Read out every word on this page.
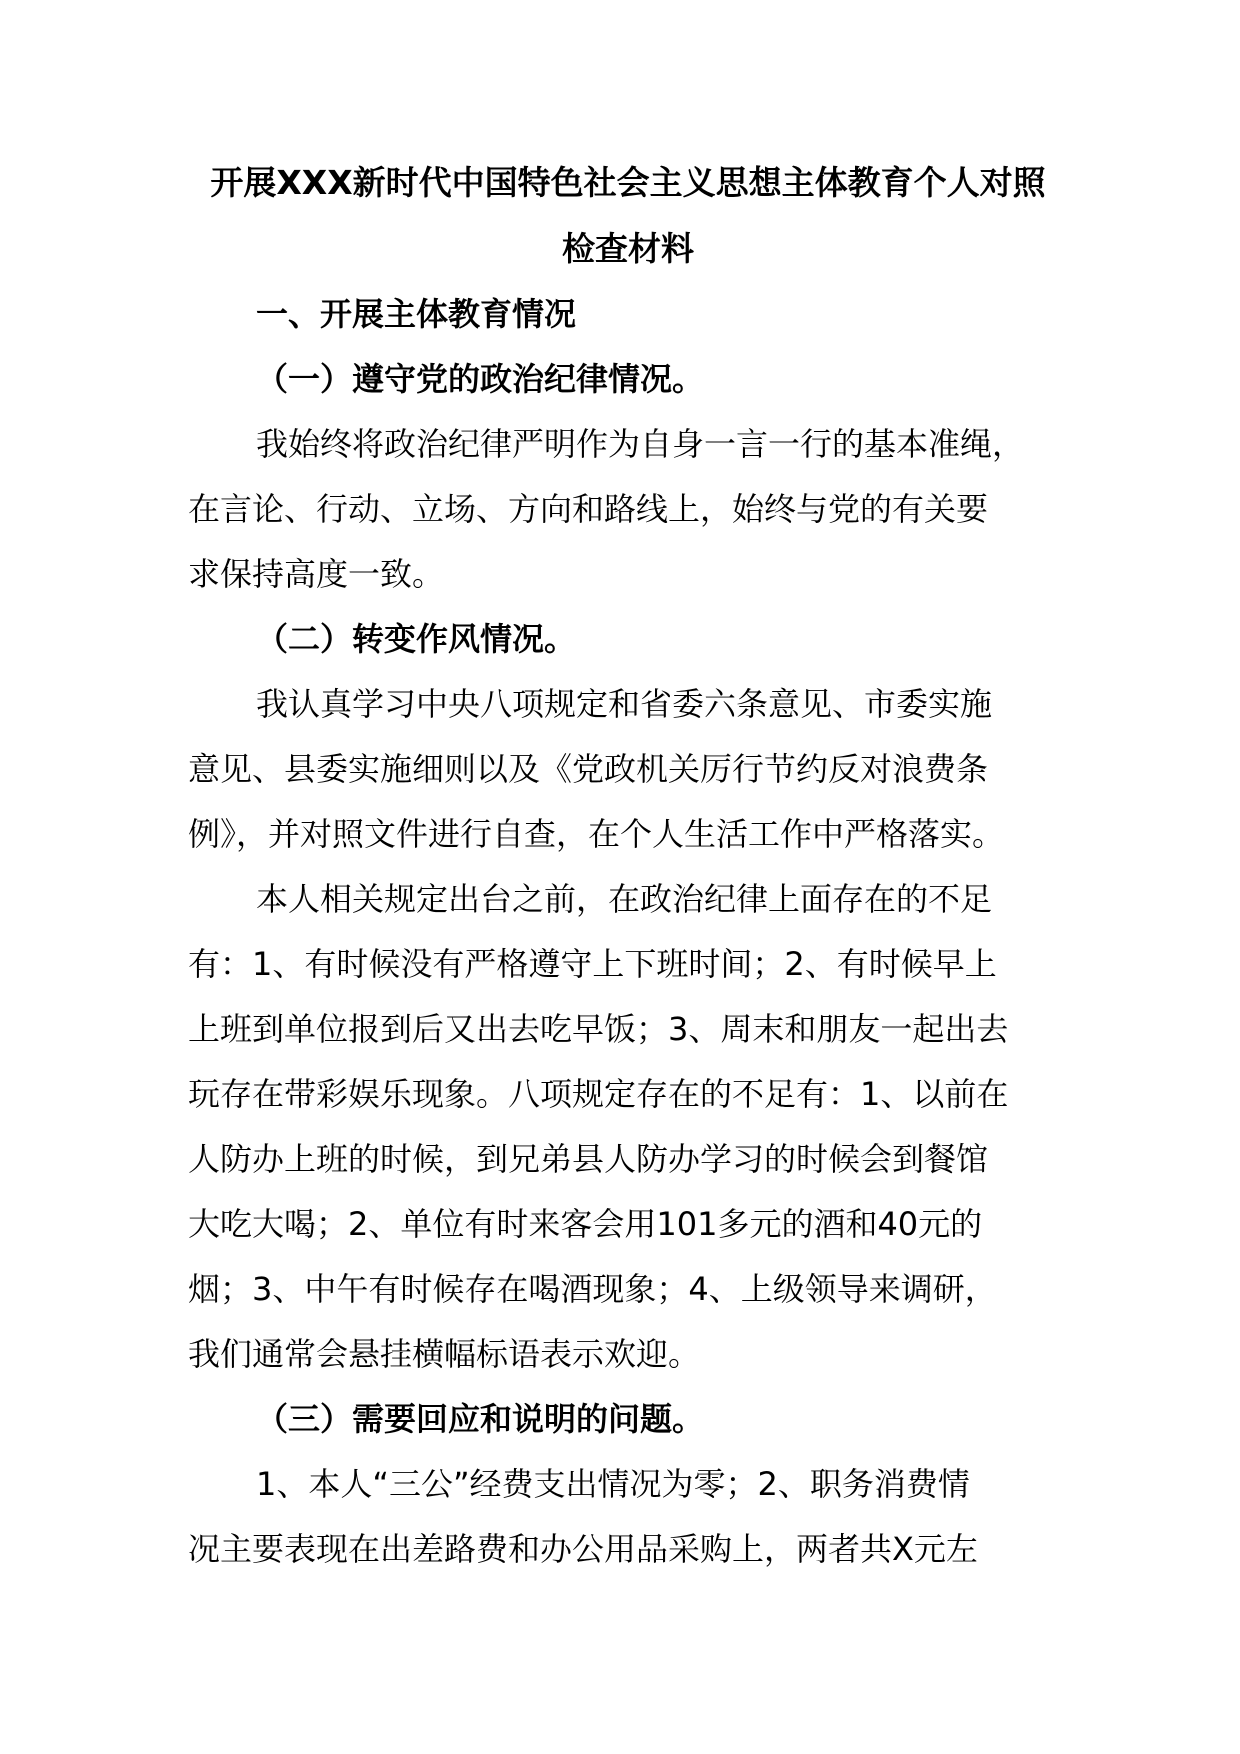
开展XXX新时代中国特色社会主义思想主体教育个人对照
检查材料

一、开展主体教育情况

（一）遵守党的政治纪律情况。

我始终将政治纪律严明作为自身一言一行的基本准绳，
在言论、行动、立场、方向和路线上，始终与党的有关要
求保持高度一致。

（二）转变作风情况。

我认真学习中央八项规定和省委六条意见、市委实施
意见、县委实施细则以及《党政机关厉行节约反对浪费条
例》，并对照文件进行自查，在个人生活工作中严格落实。

本人相关规定出台之前，在政治纪律上面存在的不足
有：1、有时候没有严格遵守上下班时间；2、有时候早上
上班到单位报到后又出去吃早饭；3、周末和朋友一起出去
玩存在带彩娱乐现象。八项规定存在的不足有：1、以前在
人防办上班的时候，到兄弟县人防办学习的时候会到餐馆
大吃大喝；2、单位有时来客会用101多元的酒和40元的
烟；3、中午有时候存在喝酒现象；4、上级领导来调研，
我们通常会悬挂横幅标语表示欢迎。

（三）需要回应和说明的问题。

1、本人“三公”经费支出情况为零；2、职务消费情
况主要表现在出差路费和办公用品采购上，两者共X元左
